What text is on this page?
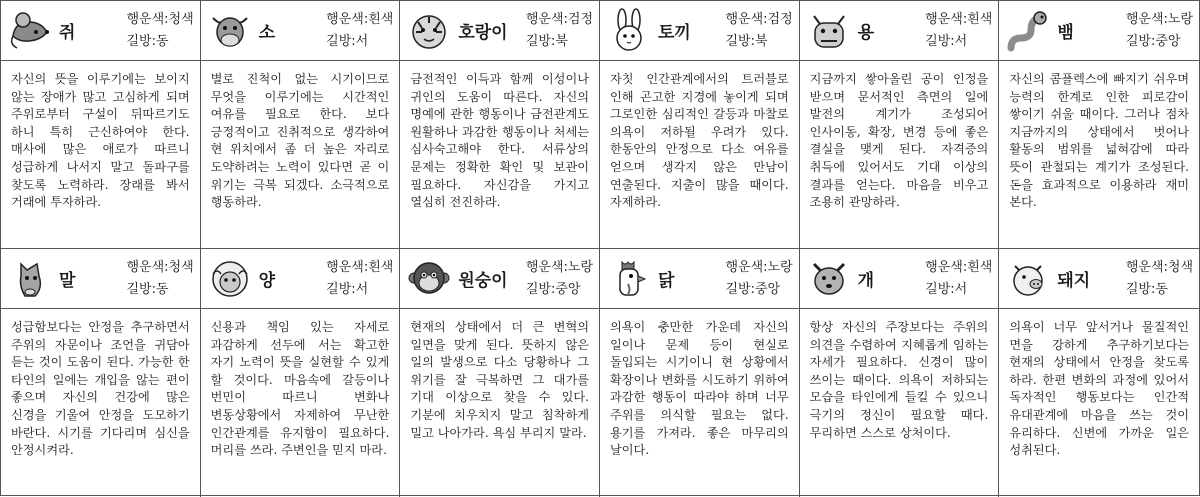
쥐
행운색:청색
길방:동	소
행운색:흰색
길방:서	호랑이
행운색:검정
길방:북	토끼
행운색:검정
길방:북	용
행운색:흰색
길방:서	뱀
행운색:노랑
길방:중앙
자신의 뜻을 이루기에는 보이지 않는 장애가 많고 고심하게 되며 주위로부터 구설이 뒤따르기도 하니 특히 근신하여야 한다. 매사에 많은 애로가 따르니 성급하게 나서지 말고 돌파구를 찾도록 노력하라. 장래를 봐서 거래에 투자하라.
별로 진척이 없는 시기이므로 무엇을 이루기에는 시간적인 여유를 필요로 한다. 보다 긍정적이고 진취적으로 생각하여 현 위치에서 좀 더 높은 자리로 도약하려는 노력이 있다면 곧 이 위기는 극복 되겠다. 소극적으로 행동하라.
금전적인 이득과 함께 이성이나 귀인의 도움이 따른다. 자신의 명예에 관한 행동이나 금전관계도 원활하나 과감한 행동이나 처세는 심사숙고해야 한다. 서류상의 문제는 정확한 확인 및 보관이 필요하다. 자신감을 가지고 열심히 전진하라.
자칫 인간관계에서의 트러블로 인해 곤고한 지경에 놓이게 되며 그로인한 심리적인 갈등과 마찰로 의욕이 저하될 우려가 있다. 한동안의 안정으로 다소 여유를 얻으며 생각지 않은 만남이 연출된다. 지출이 많을 때이다. 자제하라.
지금까지 쌓아올린 공이 인정을 받으며 문서적인 측면의 일에 발전의 계기가 조성되어 인사이동, 확장, 변경 등에 좋은 결실을 맺게 된다. 자격증의 취득에 있어서도 기대 이상의 결과를 얻는다. 마음을 비우고 조용히 관망하라.
자신의 콤플렉스에 빠지기 쉬우며 능력의 한계로 인한 피로감이 쌓이기 쉬울 때이다. 그러나 점차 지금까지의 상태에서 벗어나 활동의 범위를 넓혀감에 따라 뜻이 관철되는 계기가 조성된다. 돈을 효과적으로 이용하라 재미 본다.
말
행운색:청색
길방:동	양
행운색:흰색
길방:서	원숭이
행운색:노랑
길방:중앙	닭
행운색:노랑
길방:중앙	개
행운색:흰색
길방:서	돼지
행운색:청색
길방:동
성급함보다는 안정을 추구하면서 주위의 자문이나 조언을 귀담아 듣는 것이 도움이 된다. 가능한 한 타인의 일에는 개입을 않는 편이 좋으며 자신의 건강에 많은 신경을 기울여 안정을 도모하기 바란다. 시기를 기다리며 심신을 안정시켜라.
신용과 책임 있는 자세로 과감하게 선두에 서는 확고한 자기 노력이 뜻을 실현할 수 있게 할 것이다. 마음속에 갈등이나 번민이 따르니 변화나 변동상황에서 자제하여 무난한 인간관계를 유지함이 필요하다. 머리를 쓰라. 주변인을 믿지 마라.
현재의 상태에서 더 큰 변혁의 일면을 맞게 된다. 뜻하지 않은 일의 발생으로 다소 당황하나 그 위기를 잘 극복하면 그 대가를 기대 이상으로 찾을 수 있다. 기분에 치우치지 말고 침착하게 밀고 나아가라. 욕심 부리지 말라.
의욕이 충만한 가운데 자신의 일이나 문제 등이 현실로 돌입되는 시기이니 현 상황에서 확장이나 변화를 시도하기 위하여 과감한 행동이 따라야 하며 너무 주위를 의식할 필요는 없다. 용기를 가져라. 좋은 마무리의 날이다.
항상 자신의 주장보다는 주위의 의견을 수렴하여 지혜롭게 임하는 자세가 필요하다. 신경이 많이 쓰이는 때이다. 의욕이 저하되는 모습을 타인에게 들킬 수 있으니 극기의 정신이 필요할 때다. 무리하면 스스로 상처이다.
의욕이 너무 앞서거나 물질적인 면을 강하게 추구하기보다는 현재의 상태에서 안정을 찾도록 하라. 한편 변화의 과정에 있어서 독자적인 행동보다는 인간적 유대관계에 마음을 쓰는 것이 유리하다. 신변에 가까운 일은 성취된다.
